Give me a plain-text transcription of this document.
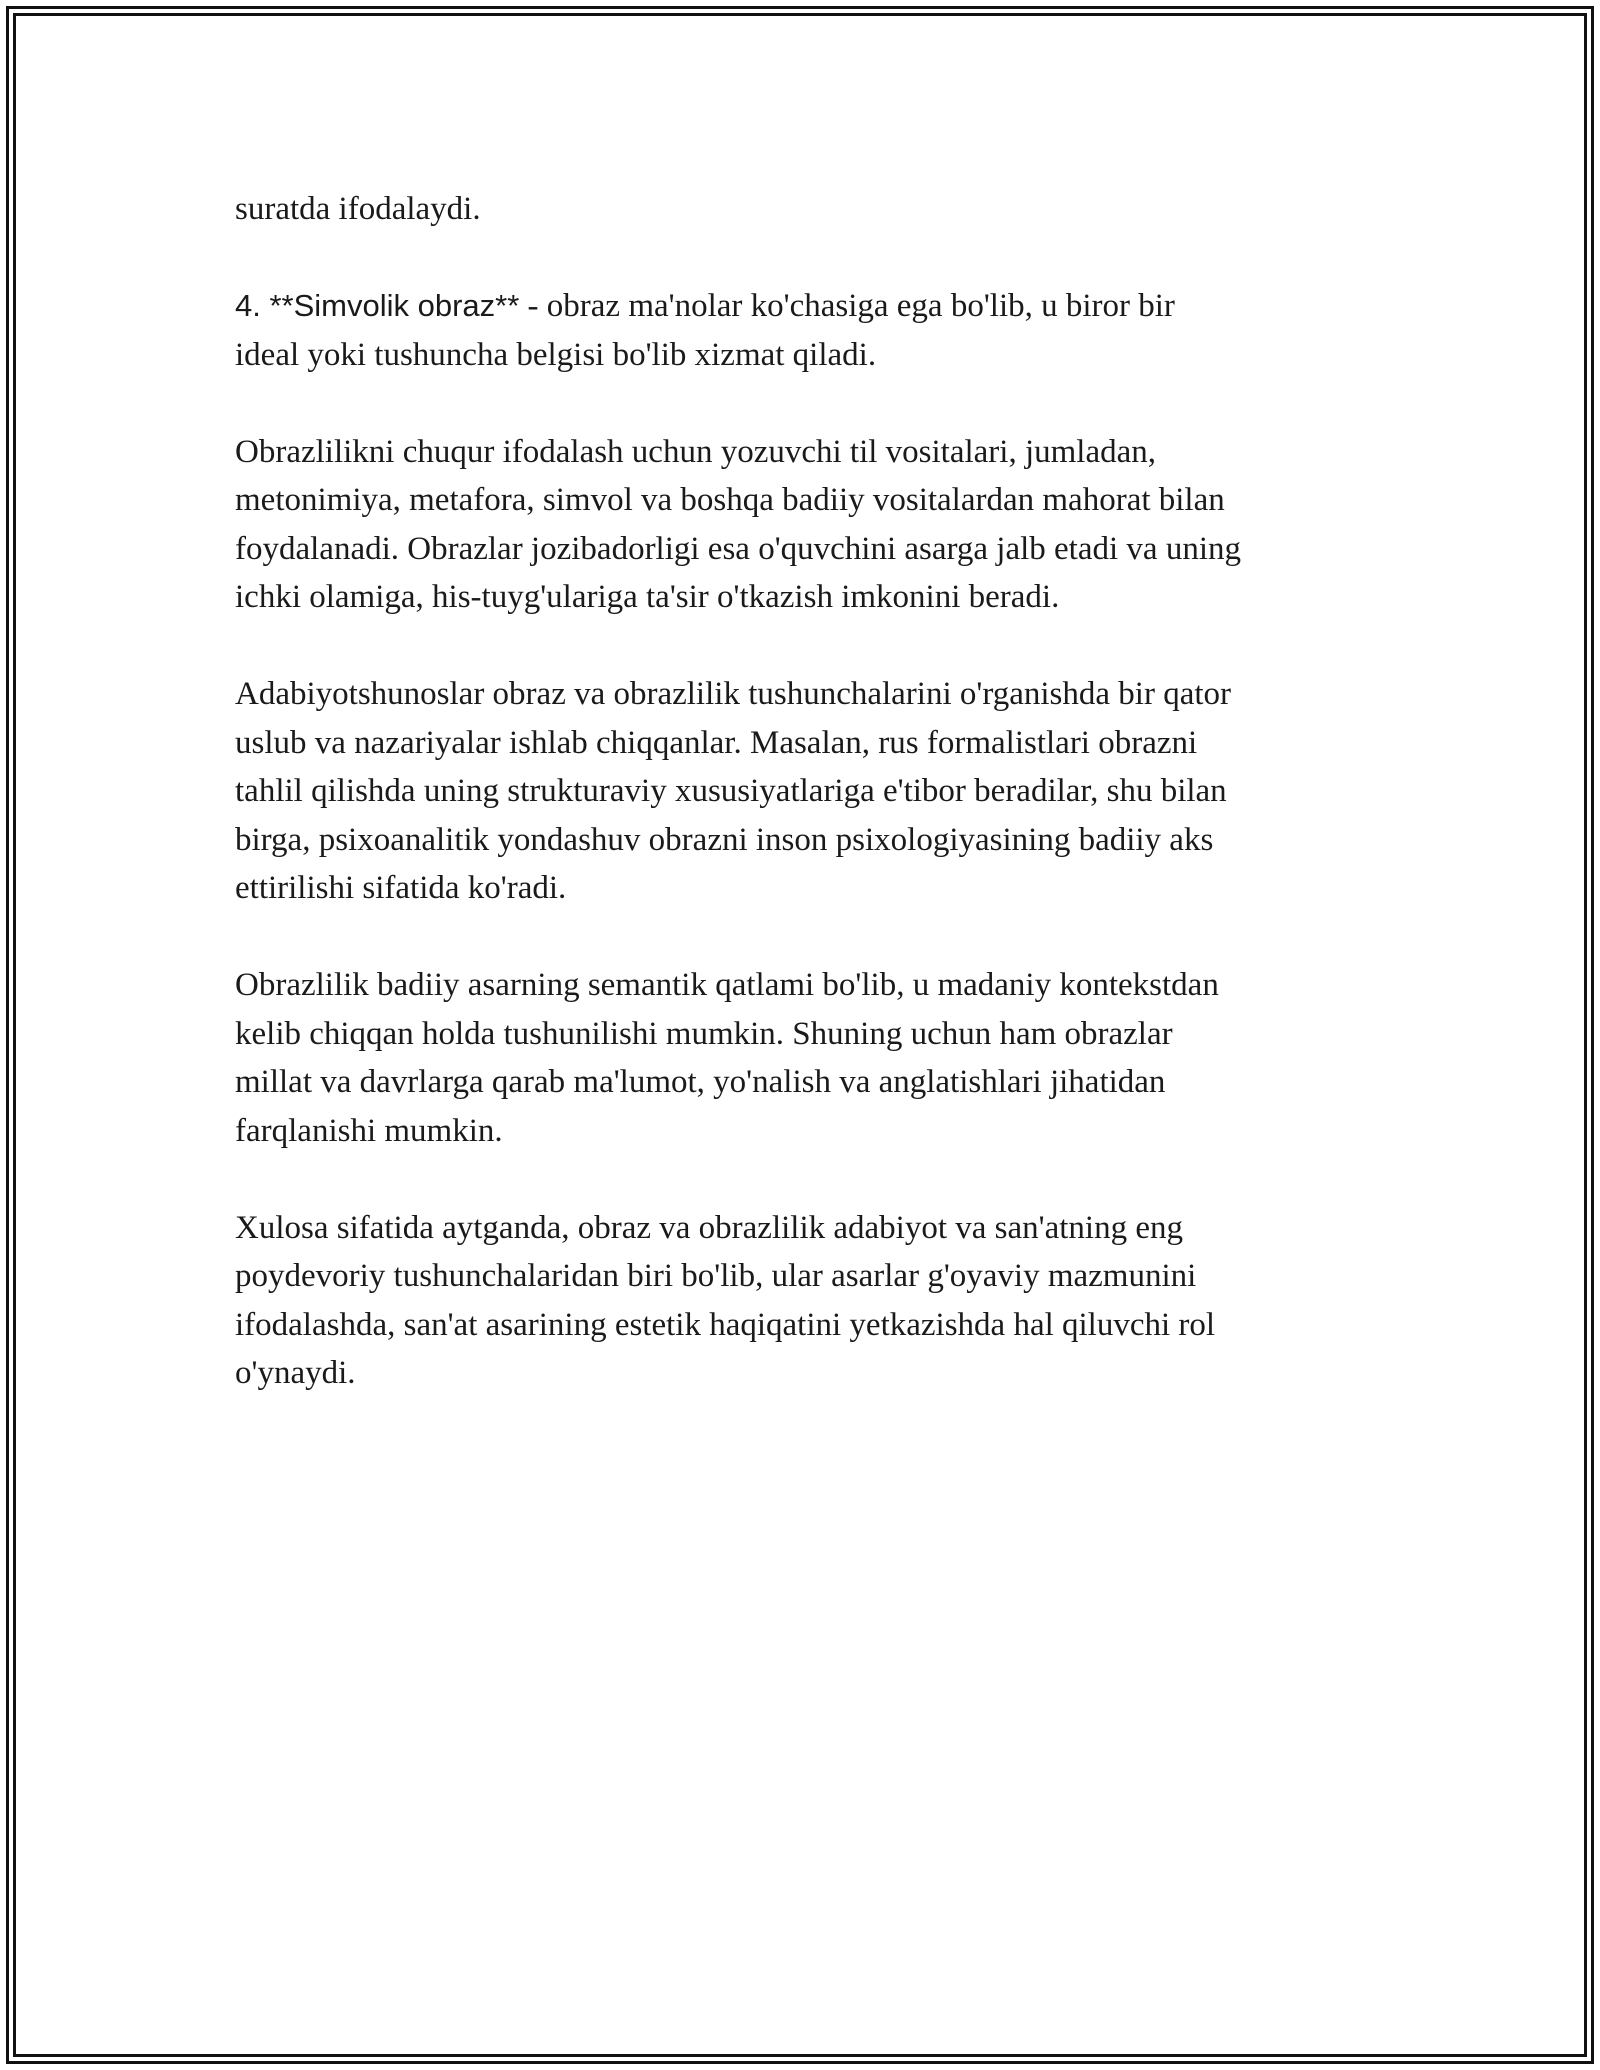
suratda ifodalaydi.

4. **Simvolik obraz** - obraz ma'nolar ko'chasiga ega bo'lib, u biror bir
ideal yoki tushuncha belgisi bo'lib xizmat qiladi.

Obrazlilikni chuqur ifodalash uchun yozuvchi til vositalari, jumladan,
metonimiya, metafora, simvol va boshqa badiiy vositalardan mahorat bilan
foydalanadi. Obrazlar jozibadorligi esa o'quvchini asarga jalb etadi va uning
ichki olamiga, his-tuyg'ulariga ta'sir o'tkazish imkonini beradi.

Adabiyotshunoslar obraz va obrazlilik tushunchalarini o'rganishda bir qator
uslub va nazariyalar ishlab chiqqanlar. Masalan, rus formalistlari obrazni
tahlil qilishda uning strukturaviy xususiyatlariga e'tibor beradilar, shu bilan
birga, psixoanalitik yondashuv obrazni inson psixologiyasining badiiy aks
ettirilishi sifatida ko'radi.

Obrazlilik badiiy asarning semantik qatlami bo'lib, u madaniy kontekstdan
kelib chiqqan holda tushunilishi mumkin. Shuning uchun ham obrazlar
millat va davrlarga qarab ma'lumot, yo'nalish va anglatishlari jihatidan
farqlanishi mumkin.

Xulosa sifatida aytganda, obraz va obrazlilik adabiyot va san'atning eng
poydevoriy tushunchalaridan biri bo'lib, ular asarlar g'oyaviy mazmunini
ifodalashda, san'at asarining estetik haqiqatini yetkazishda hal qiluvchi rol
o'ynaydi.
